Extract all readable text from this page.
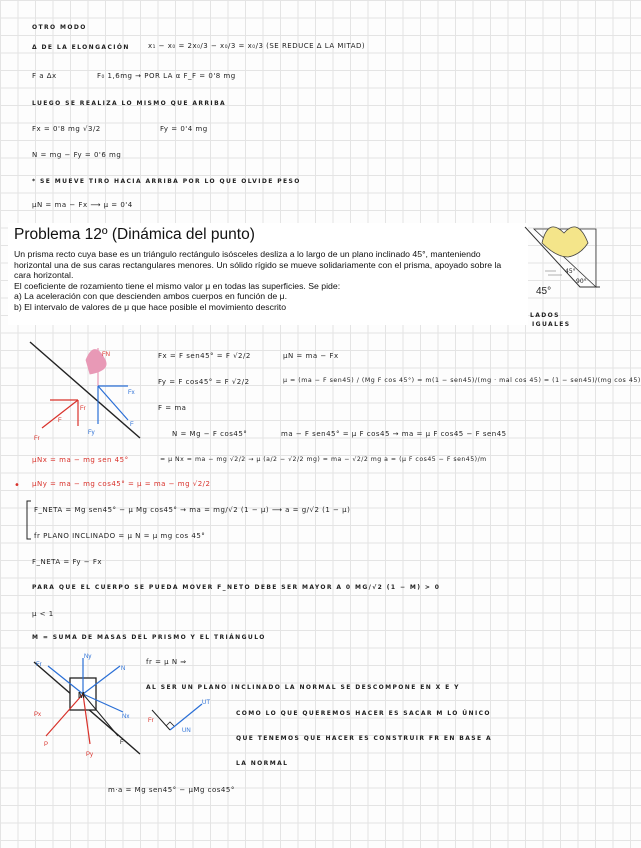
OTRO MODO
Δ DE LA ELONGACIÓN	x₁ − x₀ = 2x₀/3 − x₀/3 = x₀/3 (SE REDUCE Δ LA MITAD)
F a Δx	F₀ 1,6mg → POR LA α F_F = 0'8 mg
LUEGO SE REALIZA LO MISMO QUE ARRIBA
Fx = 0'8 mg √3/2	Fy = 0'4 mg
N = mg − Fy = 0'6 mg
* SE MUEVE TIRO HACIA ARRIBA POR LO QUE OLVIDE PESO
μN = ma − Fx ⟶ μ = 0'4
Problema 12º (Dinámica del punto)

Un prisma recto cuya base es un triángulo rectángulo isósceles desliza a lo largo de un plano inclinado 45°, manteniendo horizontal una de sus caras rectangulares menores. Un sólido rígido se mueve solidariamente con el prisma, apoyado sobre la cara horizontal.

El coeficiente de rozamiento tiene el mismo valor μ en todas las superficies. Se pide:

a) La aceleración con que descienden ambos cuerpos en función de μ.

b) El intervalo de valores de μ que hace posible el movimiento descrito

45°
90°
45°
LADOS
IGUALES
FN
Fx
F
Fy
Fr
Fr
F
Fx = F sen45° = F √2/2	μN = ma − Fx
Fy = F cos45° = F √2/2	μ = (ma − F sen45) / (Mg F cos 45°) = m(1 − sen45)/(mg · mal cos 45) = (1 − sen45)/(mg cos 45)
F = ma
N = Mg − F cos45°	ma − F sen45° = μ F cos45 → ma = μ F cos45 − F sen45
μNx = ma − mg sen 45°	= μ Nx = ma − mg √2/2 → μ (a/2 − √2/2 mg) = ma − √2/2 mg a = (μ F cos45 − F sen45)/m
• μNy = ma − mg cos45° = μ = ma − mg √2/2
F_NETA = Mg sen45° − μ Mg cos45° → ma = mg/√2 (1 − μ) ⟶ a = g/√2 (1 − μ)
fr PLANO INCLINADO = μ N = μ mg cos 45°
F_NETA = Fy − Fx
PARA QUE EL CUERPO SE PUEDA MOVER F_NETO DEBE SER MAYOR A 0 MG/√2 (1 − Μ) > 0
μ < 1
M = SUMA DE MASAS DEL PRISMO Y EL TRIÁNGULO
Ny
Nx
N
Fr
M
P
Py
Px
F
fr = μ N ⇒
UT
Fr
UN
AL SER UN PLANO INCLINADO LA NORMAL SE DESCOMPONE EN X E Y
COMO LO QUE QUEREMOS HACER ES SACAR Μ LO ÚNICO
QUE TENEMOS QUE HACER ES CONSTRUIR FR EN BASE A
LA NORMAL
m·a = Mg sen45° − μMg cos45°
